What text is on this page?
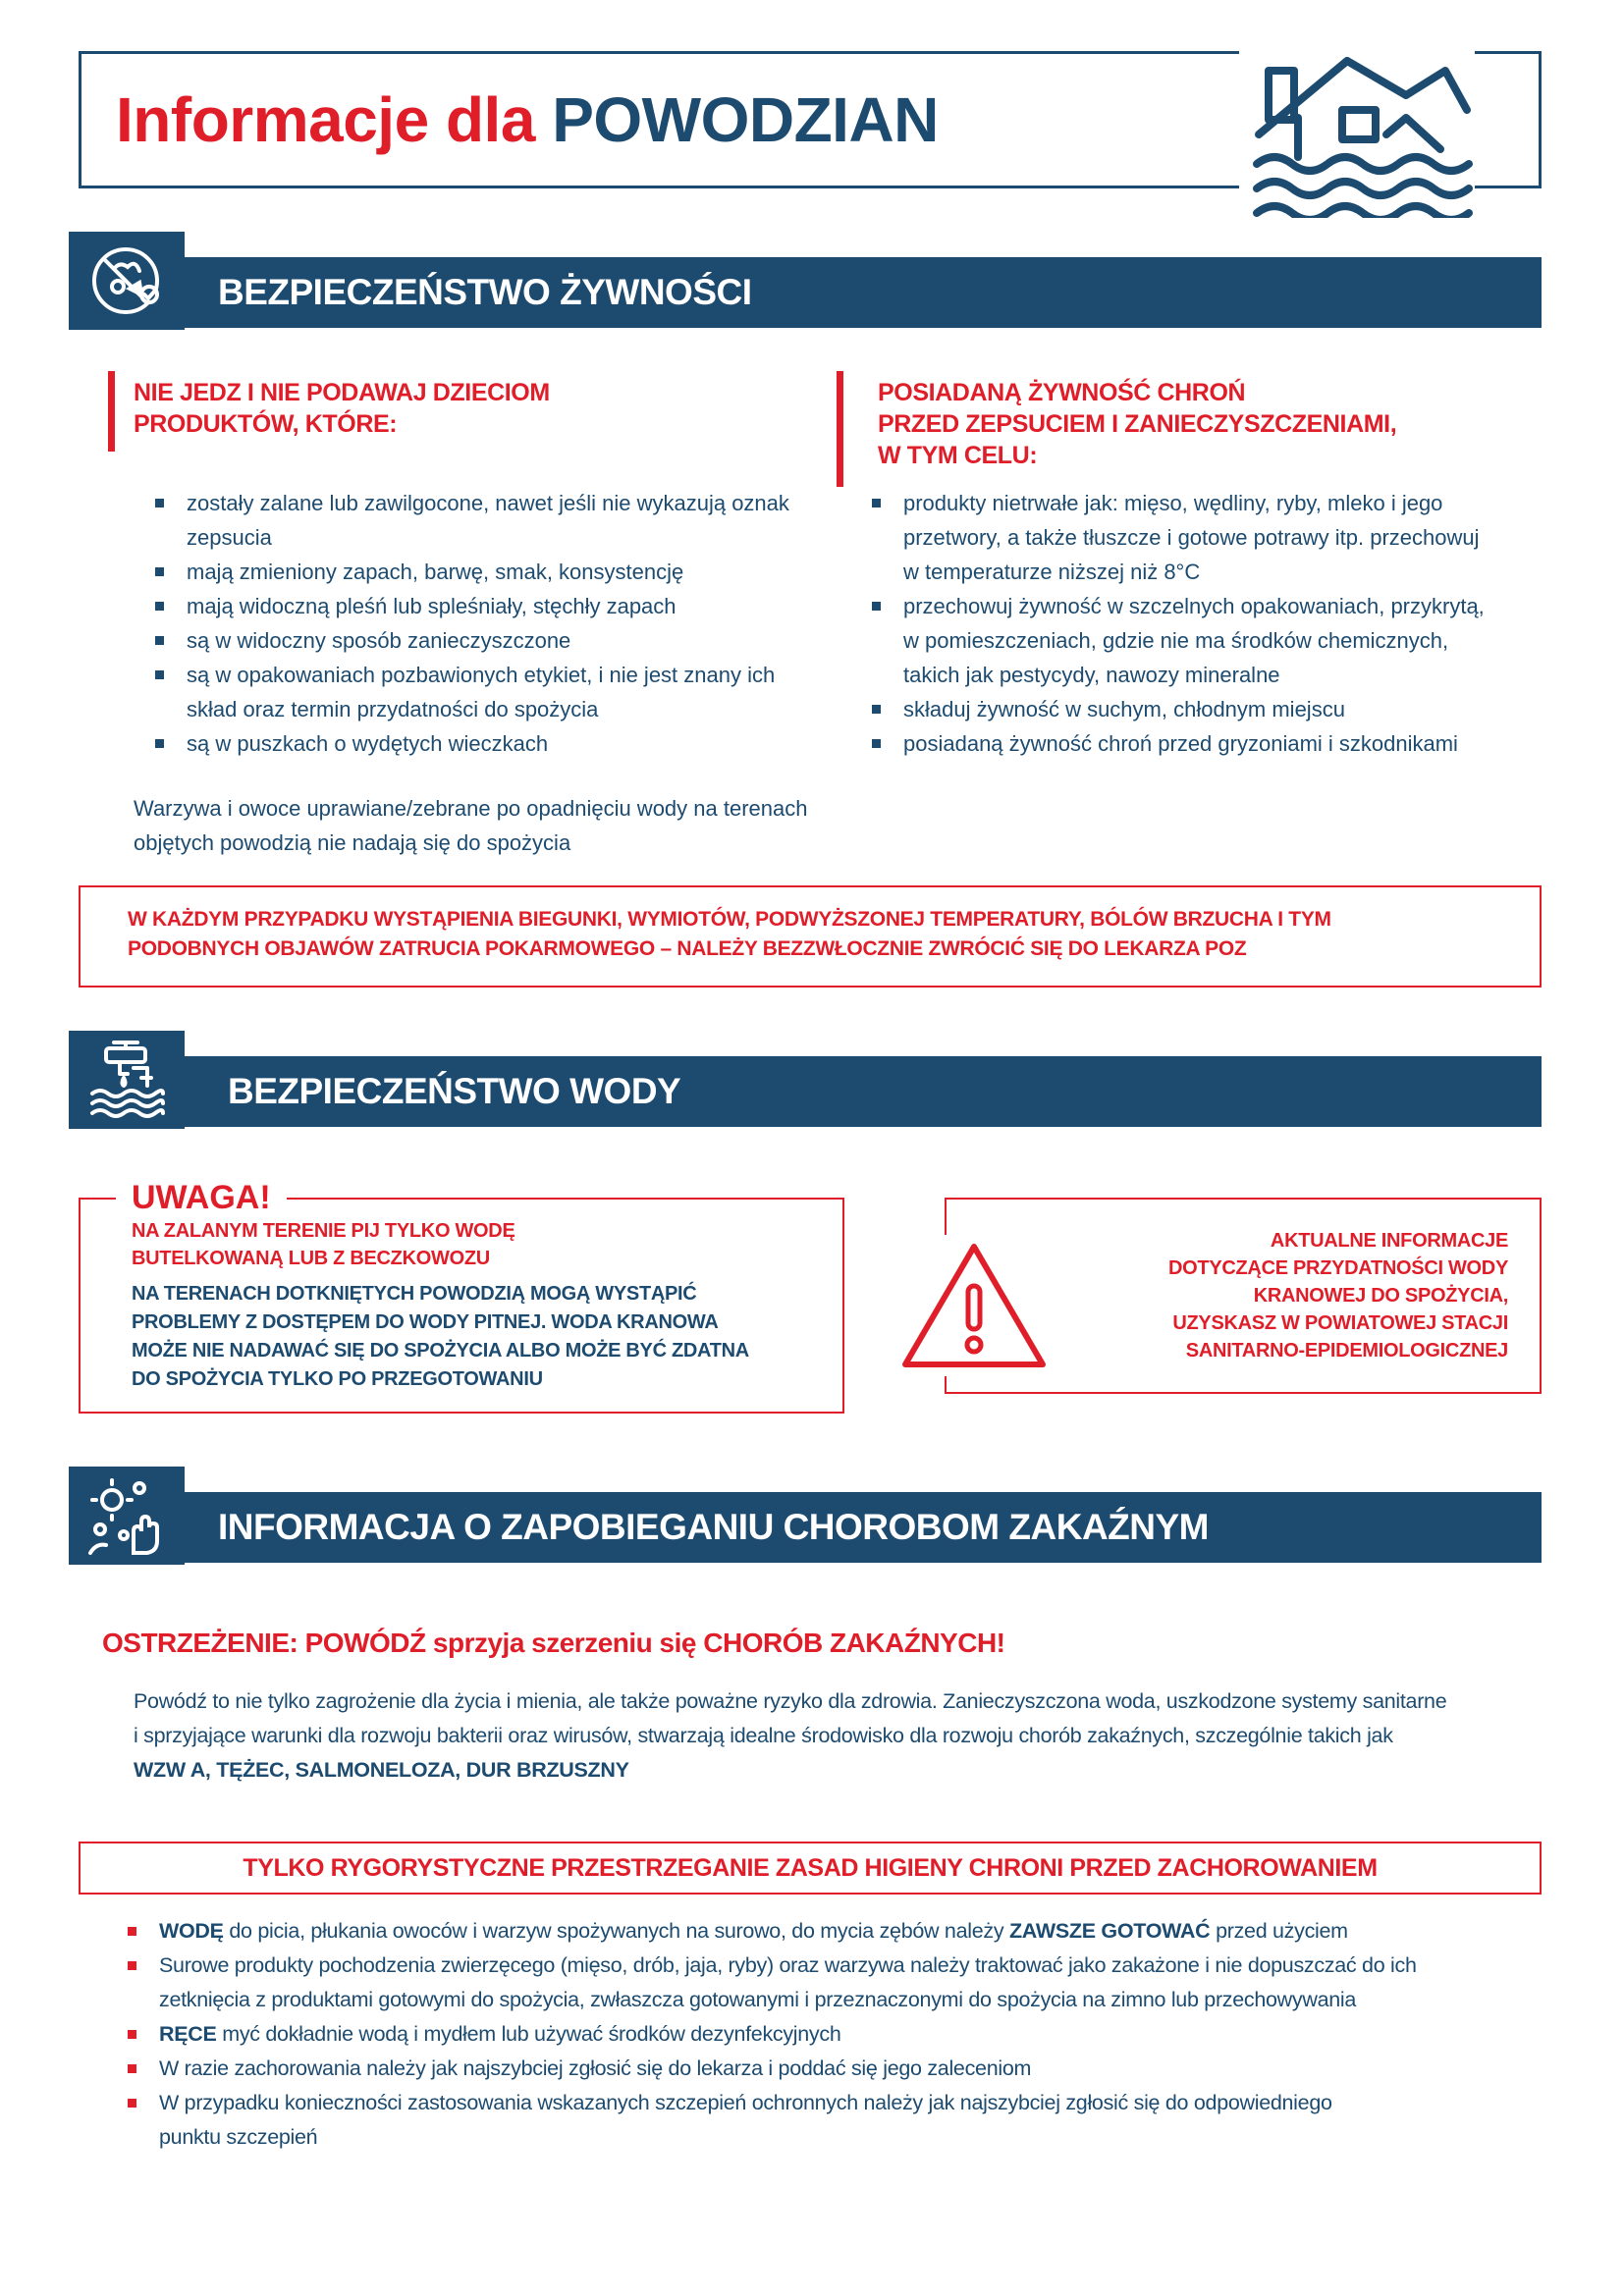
Informacje dla POWODZIAN
BEZPIECZEŃSTWO ŻYWNOŚCI
NIE JEDZ I NIE PODAWAJ DZIECIOM
PRODUKTÓW, KTÓRE:
zostały zalane lub zawilgocone, nawet jeśli nie wykazują oznak
zepsucia
mają zmieniony zapach, barwę, smak, konsystencję
mają widoczną pleśń lub spleśniały, stęchły zapach
są w widoczny sposób zanieczyszczone
są w opakowaniach pozbawionych etykiet, i nie jest znany ich
skład oraz termin przydatności do spożycia
są w puszkach o wydętych wieczkach
Warzywa i owoce uprawiane/zebrane po opadnięciu wody na terenach
objętych powodzią nie nadają się do spożycia
POSIADANĄ ŻYWNOŚĆ CHROŃ
PRZED ZEPSUCIEM I ZANIECZYSZCZENIAMI,
W TYM CELU:
produkty nietrwałe jak: mięso, wędliny, ryby, mleko i jego
przetwory, a także tłuszcze i gotowe potrawy itp. przechowuj
w temperaturze niższej niż 8°C
przechowuj żywność w szczelnych opakowaniach, przykrytą,
w pomieszczeniach, gdzie nie ma środków chemicznych,
takich jak pestycydy, nawozy mineralne
składuj żywność w suchym, chłodnym miejscu
posiadaną żywność chroń przed gryzoniami i szkodnikami
W KAŻDYM PRZYPADKU WYSTĄPIENIA BIEGUNKI, WYMIOTÓW, PODWYŻSZONEJ TEMPERATURY, BÓLÓW BRZUCHA I TYM
PODOBNYCH OBJAWÓW ZATRUCIA POKARMOWEGO – NALEŻY BEZZWŁOCZNIE ZWRÓCIĆ SIĘ DO LEKARZA POZ
BEZPIECZEŃSTWO WODY
UWAGA!
NA ZALANYM TERENIE PIJ TYLKO WODĘ
BUTELKOWANĄ LUB Z BECZKOWOZU
NA TERENACH DOTKNIĘTYCH POWODZIĄ MOGĄ WYSTĄPIĆ
PROBLEMY Z DOSTĘPEM DO WODY PITNEJ. WODA KRANOWA
MOŻE NIE NADAWAĆ SIĘ DO SPOŻYCIA ALBO MOŻE BYĆ ZDATNA
DO SPOŻYCIA TYLKO PO PRZEGOTOWANIU
AKTUALNE INFORMACJE
DOTYCZĄCE PRZYDATNOŚCI WODY
KRANOWEJ DO SPOŻYCIA,
UZYSKASZ W POWIATOWEJ STACJI
SANITARNO-EPIDEMIOLOGICZNEJ
INFORMACJA O ZAPOBIEGANIU CHOROBOM ZAKAŹNYM
OSTRZEŻENIE: POWÓDŹ sprzyja szerzeniu się CHORÓB ZAKAŹNYCH!
Powódź to nie tylko zagrożenie dla życia i mienia, ale także poważne ryzyko dla zdrowia. Zanieczyszczona woda, uszkodzone systemy sanitarne
i sprzyjające warunki dla rozwoju bakterii oraz wirusów, stwarzają idealne środowisko dla rozwoju chorób zakaźnych, szczególnie takich jak
WZW A, TĘŻEC, SALMONELOZA, DUR BRZUSZNY
TYLKO RYGORYSTYCZNE PRZESTRZEGANIE ZASAD HIGIENY CHRONI PRZED ZACHOROWANIEM
WODĘ do picia, płukania owoców i warzyw spożywanych na surowo, do mycia zębów należy ZAWSZE GOTOWAĆ przed użyciem
Surowe produkty pochodzenia zwierzęcego (mięso, drób, jaja, ryby) oraz warzywa należy traktować jako zakażone i nie dopuszczać do ich
zetknięcia z produktami gotowymi do spożycia, zwłaszcza gotowanymi i przeznaczonymi do spożycia na zimno lub przechowywania
RĘCE myć dokładnie wodą i mydłem lub używać środków dezynfekcyjnych
W razie zachorowania należy jak najszybciej zgłosić się do lekarza i poddać się jego zaleceniom
W przypadku konieczności zastosowania wskazanych szczepień ochronnych należy jak najszybciej zgłosić się do odpowiedniego
punktu szczepień
